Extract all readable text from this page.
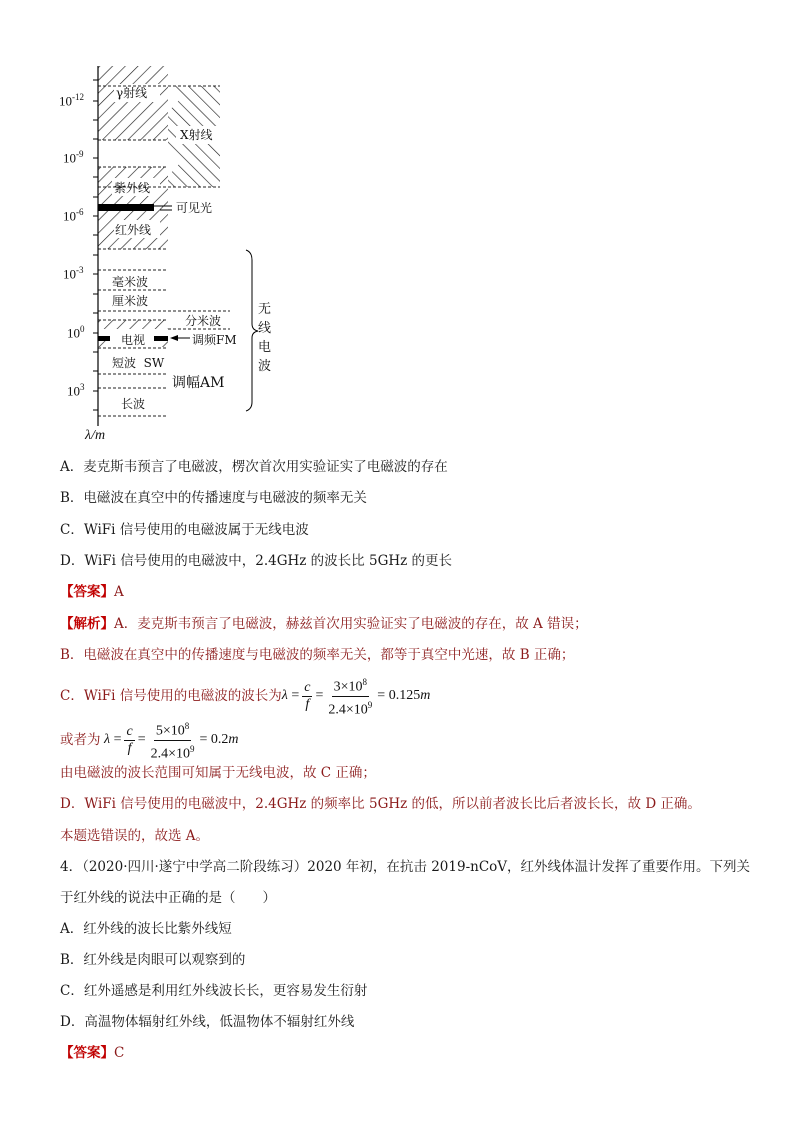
$10^{-12}$
$10^{-9}$
$10^{-6}$
$10^{-3}$
$10^0$
$10^3$
λ/m
γ射线
X射线
紫外线
可见光
红外线
毫米波
厘米波
分米波
电视	调频FM
短波  SW
调幅AM
长波
无
线
电
波
A．麦克斯韦预言了电磁波，楞次首次用实验证实了电磁波的存在
B．电磁波在真空中的传播速度与电磁波的频率无关
C．WiFi 信号使用的电磁波属于无线电波
D．WiFi 信号使用的电磁波中，2.4GHz 的波长比 5GHz 的更长
【答案】A
【解析】A．麦克斯韦预言了电磁波，赫兹首次用实验证实了电磁波的存在，故 A 错误；
B．电磁波在真空中的传播速度与电磁波的频率无关，都等于真空中光速，故 B 正确；
C．WiFi 信号使用的电磁波的波长为 $\lambda = \frac{c}{f} = \frac{3\times 10^8}{2.4\times 10^9} = 0.125$ m
或者为
$\lambda = \frac{c}{f} = \frac{5\times 10^8}{2.4\times 10^9} = 0.2$ m
由电磁波的波长范围可知属于无线电波，故 C 正确；
D．WiFi 信号使用的电磁波中，2.4GHz 的频率比 5GHz 的低，所以前者波长比后者波长长，故 D 正确。
本题选错误的，故选 A。
4．（2020·四川·遂宁中学高二阶段练习）2020 年初，在抗击 2019-nCoV，红外线体温计发挥了重要作用。下列关
于红外线的说法中正确的是（　　）
A．红外线的波长比紫外线短
B．红外线是肉眼可以观察到的
C．红外遥感是利用红外线波长长，更容易发生衍射
D．高温物体辐射红外线，低温物体不辐射红外线
【答案】C
